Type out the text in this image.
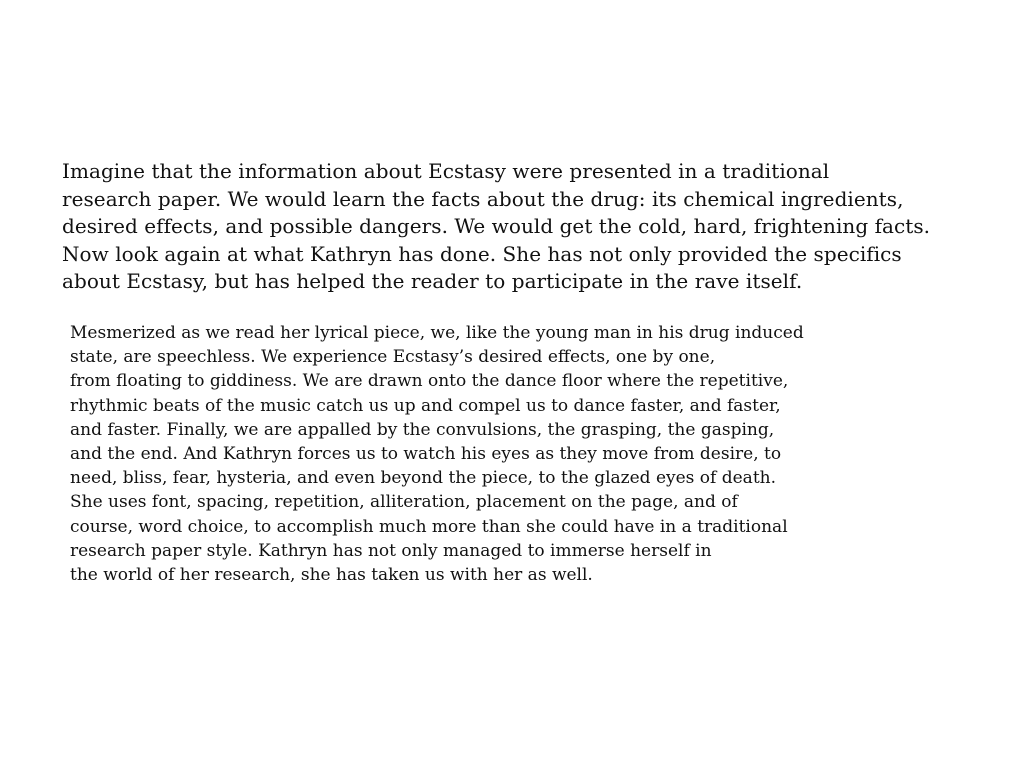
Imagine that the information about Ecstasy were presented in a traditional
research paper. We would learn the facts about the drug: its chemical ingredients,
desired effects, and possible dangers. We would get the cold, hard, frightening facts.
Now look again at what Kathryn has done. She has not only provided the specifics
about Ecstasy, but has helped the reader to participate in the rave itself.
Mesmerized as we read her lyrical piece, we, like the young man in his drug induced
state, are speechless. We experience Ecstasy’s desired effects, one by one,
from floating to giddiness. We are drawn onto the dance floor where the repetitive,
rhythmic beats of the music catch us up and compel us to dance faster, and faster,
and faster. Finally, we are appalled by the convulsions, the grasping, the gasping,
and the end. And Kathryn forces us to watch his eyes as they move from desire, to
need, bliss, fear, hysteria, and even beyond the piece, to the glazed eyes of death.
She uses font, spacing, repetition, alliteration, placement on the page, and of
course, word choice, to accomplish much more than she could have in a traditional
research paper style. Kathryn has not only managed to immerse herself in
the world of her research, she has taken us with her as well.
